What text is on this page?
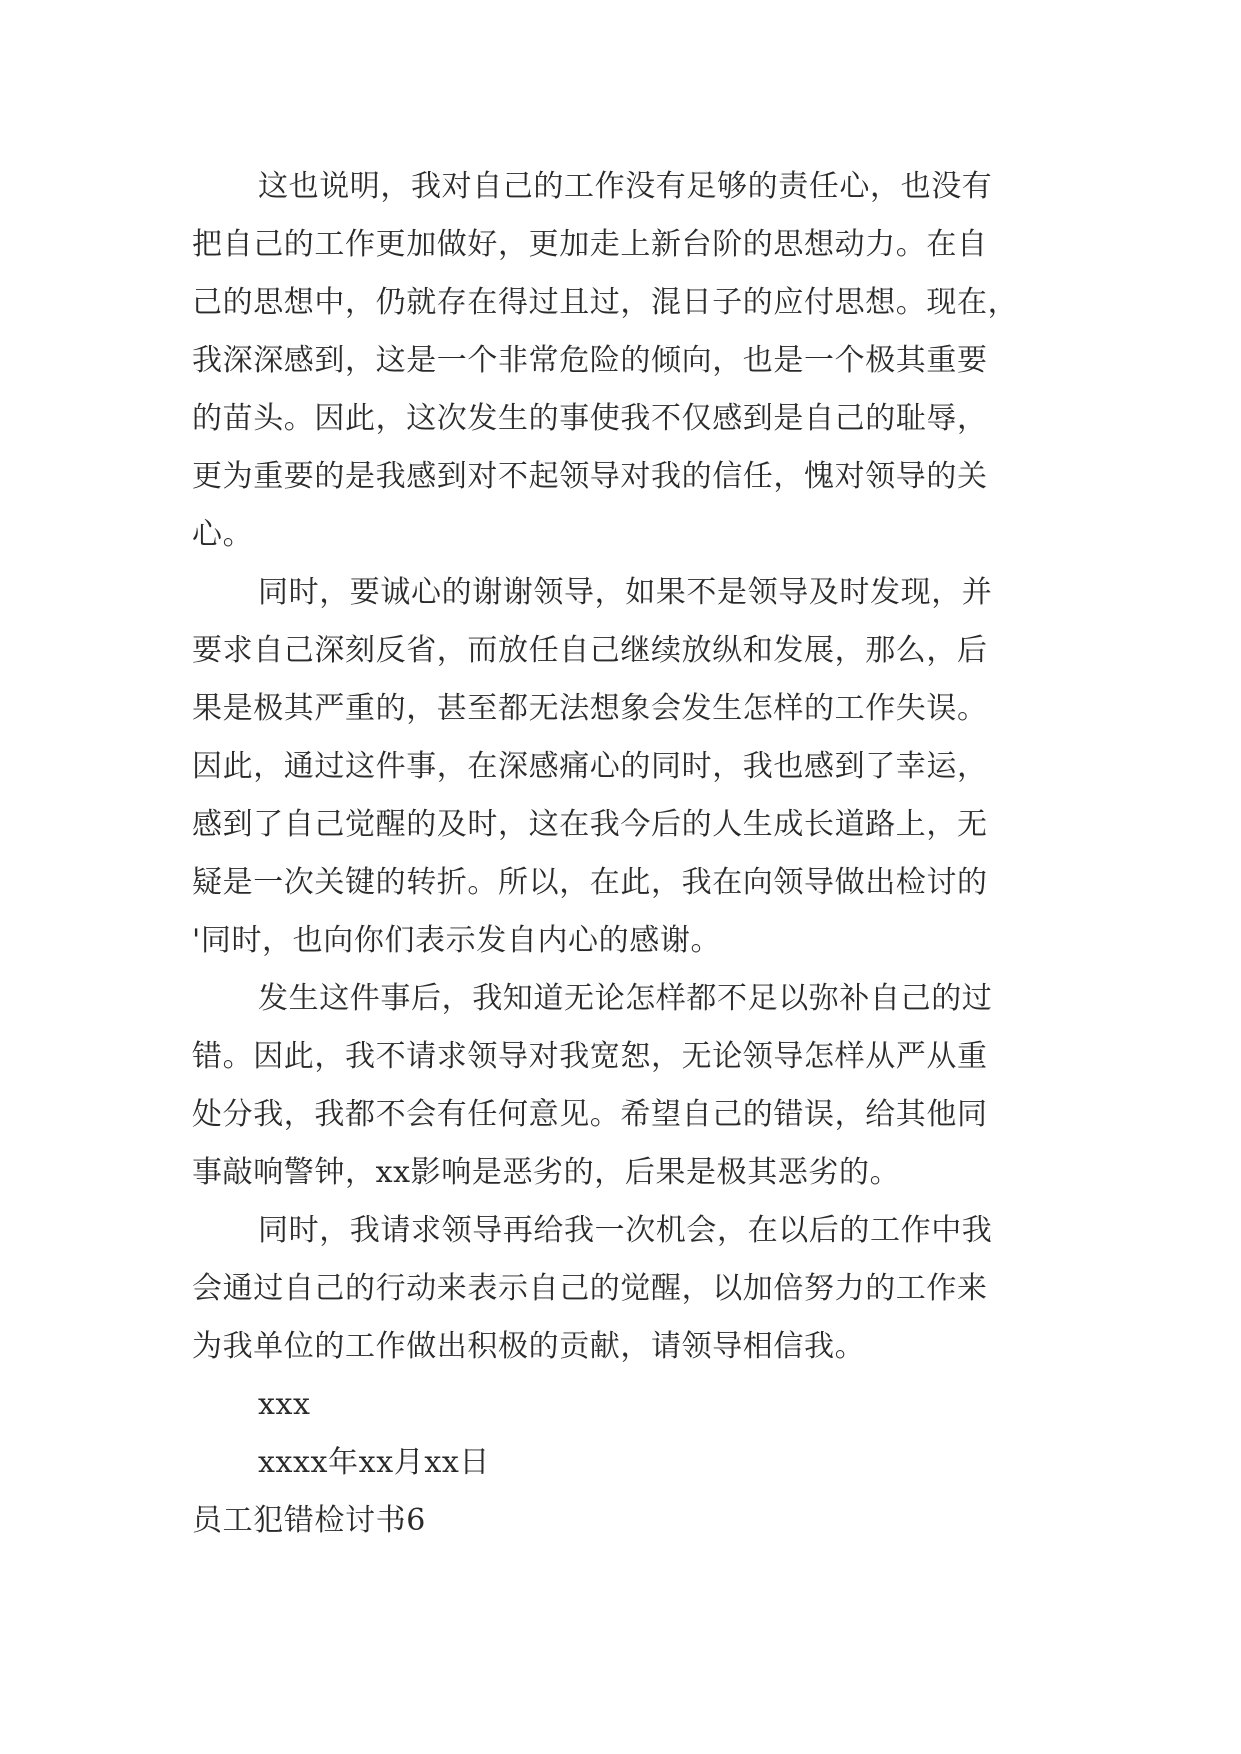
这也说明，我对自己的工作没有足够的责任心，也没有
把自己的工作更加做好，更加走上新台阶的思想动力。在自
己的思想中，仍就存在得过且过，混日子的应付思想。现在，
我深深感到，这是一个非常危险的倾向，也是一个极其重要
的苗头。因此，这次发生的事使我不仅感到是自己的耻辱，
更为重要的是我感到对不起领导对我的信任，愧对领导的关
心。
同时，要诚心的谢谢领导，如果不是领导及时发现，并
要求自己深刻反省，而放任自己继续放纵和发展，那么，后
果是极其严重的，甚至都无法想象会发生怎样的工作失误。
因此，通过这件事，在深感痛心的同时，我也感到了幸运，
感到了自己觉醒的及时，这在我今后的人生成长道路上，无
疑是一次关键的转折。所以，在此，我在向领导做出检讨的
'同时，也向你们表示发自内心的感谢。
发生这件事后，我知道无论怎样都不足以弥补自己的过
错。因此，我不请求领导对我宽恕，无论领导怎样从严从重
处分我，我都不会有任何意见。希望自己的错误，给其他同
事敲响警钟，xx影响是恶劣的，后果是极其恶劣的。
同时，我请求领导再给我一次机会，在以后的工作中我
会通过自己的行动来表示自己的觉醒，以加倍努力的工作来
为我单位的工作做出积极的贡献，请领导相信我。
xxx
xxxx年xx月xx日
员工犯错检讨书6
